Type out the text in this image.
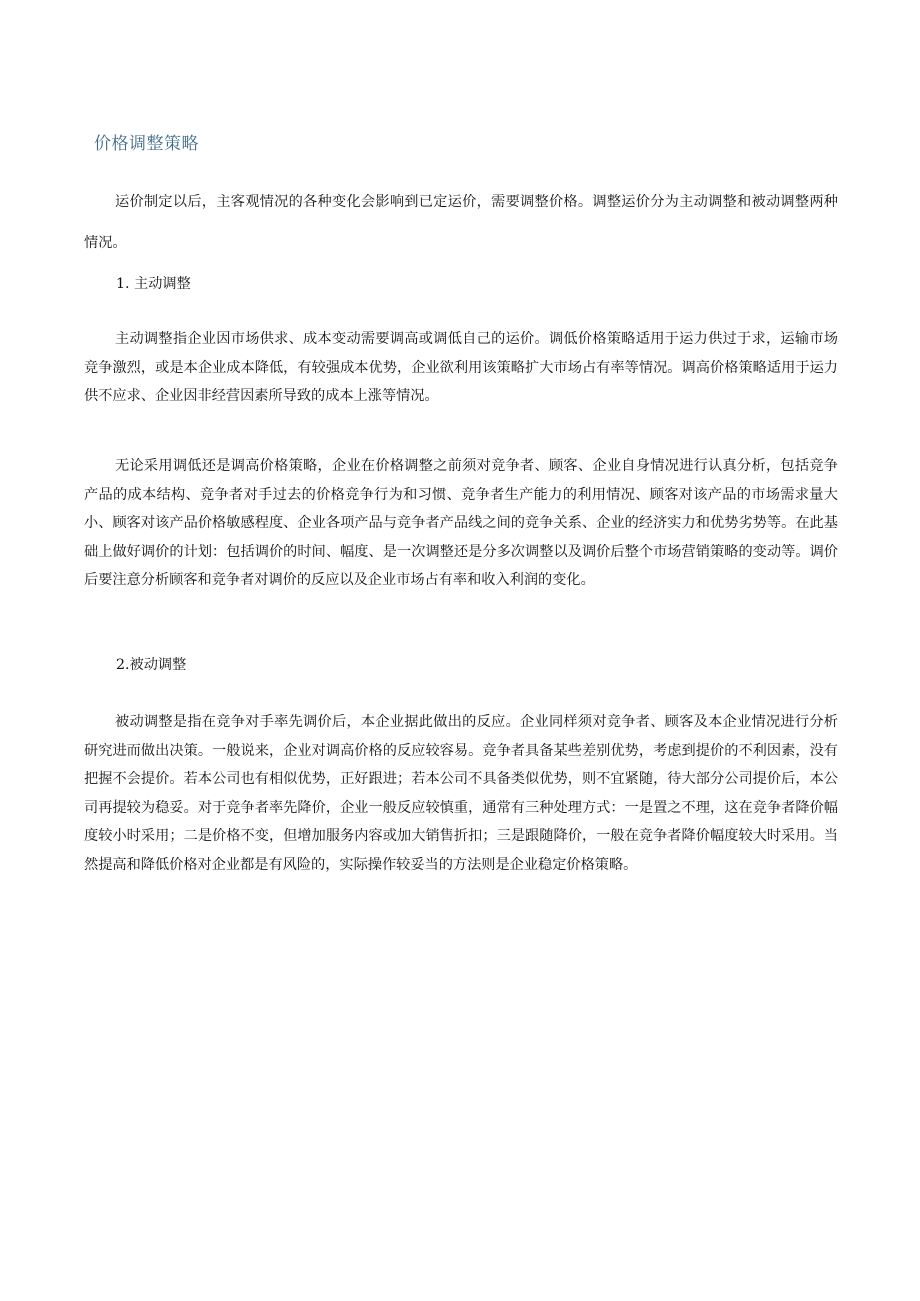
价格调整策略

运价制定以后，主客观情况的各种变化会影响到已定运价，需要调整价格。调整运价分为主动调整和被动调整两种情况。

1. 主动调整

主动调整指企业因市场供求、成本变动需要调高或调低自己的运价。调低价格策略适用于运力供过于求，运输市场竞争激烈，或是本企业成本降低，有较强成本优势，企业欲利用该策略扩大市场占有率等情况。调高价格策略适用于运力供不应求、企业因非经营因素所导致的成本上涨等情况。

无论采用调低还是调高价格策略，企业在价格调整之前须对竞争者、顾客、企业自身情况进行认真分析，包括竞争产品的成本结构、竞争者对手过去的价格竞争行为和习惯、竞争者生产能力的利用情况、顾客对该产品的市场需求量大小、顾客对该产品价格敏感程度、企业各项产品与竞争者产品线之间的竞争关系、企业的经济实力和优势劣势等。在此基础上做好调价的计划：包括调价的时间、幅度、是一次调整还是分多次调整以及调价后整个市场营销策略的变动等。调价后要注意分析顾客和竞争者对调价的反应以及企业市场占有率和收入利润的变化。

2.被动调整

被动调整是指在竞争对手率先调价后，本企业据此做出的反应。企业同样须对竞争者、顾客及本企业情况进行分析研究进而做出决策。一般说来，企业对调高价格的反应较容易。竞争者具备某些差别优势，考虑到提价的不利因素，没有把握不会提价。若本公司也有相似优势，正好跟进；若本公司不具备类似优势，则不宜紧随，待大部分公司提价后，本公司再提较为稳妥。对于竞争者率先降价，企业一般反应较慎重，通常有三种处理方式：一是置之不理，这在竞争者降价幅度较小时采用；二是价格不变，但增加服务内容或加大销售折扣；三是跟随降价，一般在竞争者降价幅度较大时采用。当然提高和降低价格对企业都是有风险的，实际操作较妥当的方法则是企业稳定价格策略。
